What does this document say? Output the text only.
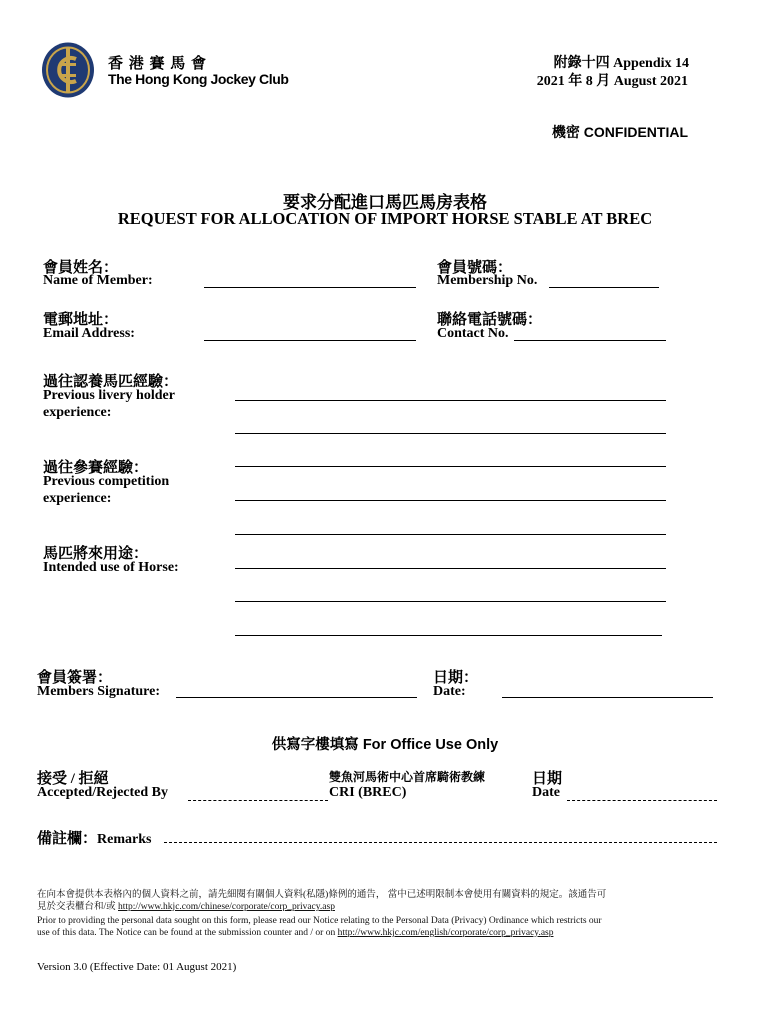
香 港 賽 馬 會
The Hong Kong Jockey Club
附錄十四 Appendix 14
2021 年 8 月 August 2021
機密 CONFIDENTIAL
要求分配進口馬匹馬房表格
REQUEST FOR ALLOCATION OF IMPORT HORSE STABLE AT BREC
會員姓名：
Name of Member:
會員號碼：
Membership No.
電郵地址：
Email Address:
聯絡電話號碼：
Contact No.
過往認養馬匹經驗：
Previous livery holder
experience:
過往參賽經驗：
Previous competition
experience:
馬匹將來用途：
Intended use of Horse:
會員簽署：
Members Signature:
日期：
Date:
供寫字樓填寫 For Office Use Only
接受 / 拒絕
Accepted/Rejected By
雙魚河馬術中心首席騎術教練
CRI (BREC)
日期
Date
備註欄：Remarks
在向本會提供本表格內的個人資料之前，請先細閱有關個人資料(私隱)條例的通告， 當中已述明限制本會使用有關資料的規定。該通告可
見於交表櫃台和/或 http://www.hkjc.com/chinese/corporate/corp_privacy.asp
Prior to providing the personal data sought on this form, please read our Notice relating to the Personal Data (Privacy) Ordinance which restricts our
use of this data. The Notice can be found at the submission counter and / or on http://www.hkjc.com/english/corporate/corp_privacy.asp
Version 3.0 (Effective Date: 01 August 2021)
